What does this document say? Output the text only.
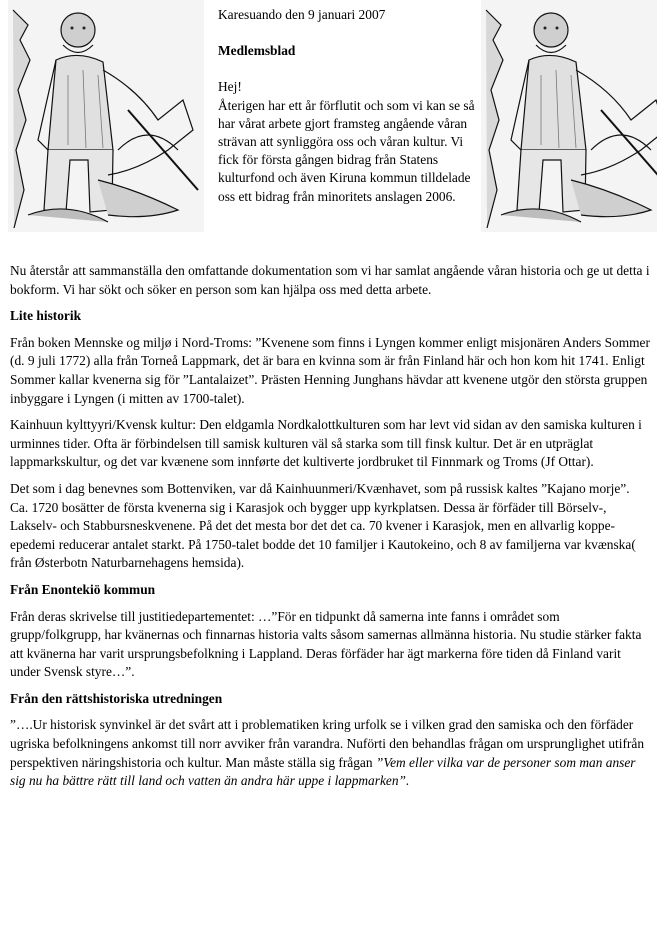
Karesuando den 9 januari 2007

Medlemsblad

Hej!

Återigen har ett år förflutit och som vi kan se så har vårat arbete gjort framsteg angående våran strävan att synliggöra oss och våran kultur. Vi fick för första gången bidrag från Statens kulturfond och även Kiruna kommun tilldelade oss ett bidrag från minoritets anslagen 2006.

Nu återstår att sammanställa den omfattande dokumentation som vi har samlat angående våran historia och ge ut detta i bokform. Vi har sökt och söker en person som kan hjälpa oss med detta arbete.

Lite historik

Från boken Mennske og miljø i Nord-Troms: ”Kvenene som finns i Lyngen kommer enligt misjonären Anders Sommer (d. 9 juli 1772) alla från Torneå Lappmark, det är bara en kvinna som är från Finland här och hon kom hit 1741. Enligt Sommer kallar kvenerna sig för ”Lantalaizet”. Prästen Henning Junghans hävdar att kvenene utgör den största gruppen inbyggare i Lyngen (i mitten av 1700-talet).

Kainhuun kylttyyri/Kvensk kultur: Den eldgamla Nordkalottkulturen som har levt vid sidan av den samiska kulturen i urminnes tider. Ofta är förbindelsen till samisk kulturen väl så starka som till finsk kultur. Det är en utpräglat lappmarkskultur, og det var kvænene som innførte det kultiverte jordbruket til Finnmark og Troms (Jf Ottar).

Det som i dag benevnes som Bottenviken, var då Kainhuunmeri/Kvænhavet, som på russisk kaltes ”Kajano morje”. Ca. 1720 bosätter de första kvenerna sig i Karasjok och bygger upp kyrkplatsen. Dessa är förfäder till Börselv-, Lakselv- och Stabbursneskvenene. På det det mesta bor det det ca. 70 kvener i Karasjok, men en allvarlig koppe-epedemi reducerar antalet starkt. På 1750-talet bodde det 10 familjer i Kautokeino, och 8 av familjerna var kvænska( från Østerbotn Naturbarnehagens hemsida).

Från Enontekiö kommun

Från deras skrivelse till justitiedepartementet: …”För en tidpunkt då samerna inte fanns i området som grupp/folkgrupp, har kvänernas och finnarnas historia valts såsom samernas allmänna historia. Nu studie stärker fakta att kvänerna har varit ursprungsbefolkning i Lappland. Deras förfäder har ägt markerna före tiden då Finland varit under Svensk styre…”.

Från den rättshistoriska utredningen

”….Ur historisk synvinkel är det svårt att i problematiken kring urfolk se i vilken grad den samiska och den förfäder ugriska befolkningens ankomst till norr avviker från varandra. Nuförti den behandlas frågan om ursprunglighet utifrån perspektiven näringshistoria och kultur. Man måste ställa sig frågan ”Vem eller vilka var de personer som man anser sig nu ha bättre rätt till land och vatten än andra här uppe i lappmarken”.
